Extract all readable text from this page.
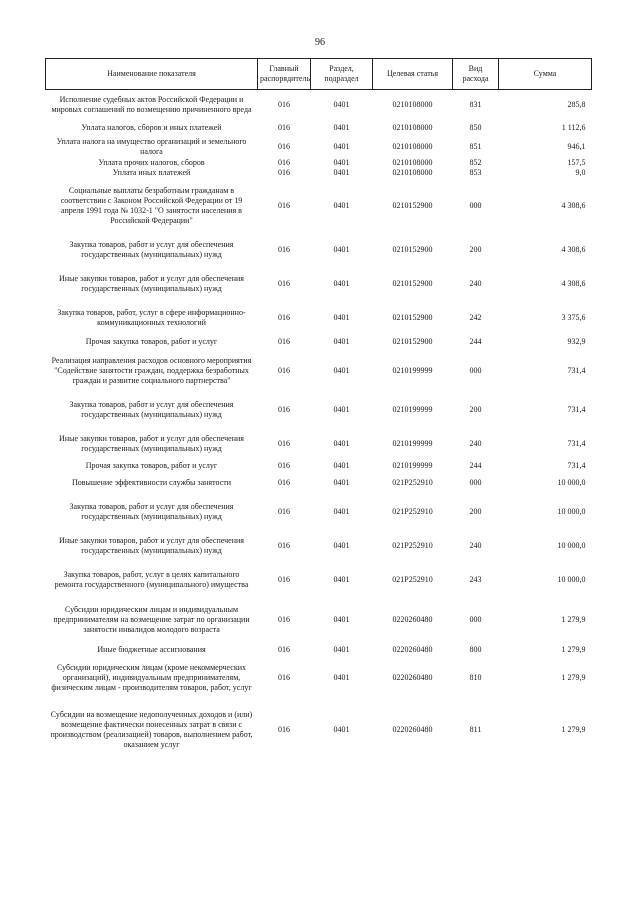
96
Наименование показателя	Главный распорядитель	Раздел, подраздел	Целевая статья	Вид расхода	Сумма
Исполнение судебных актов Российской Федерации и мировых соглашений по возмещению причиненного вреда	016	0401	0210108000	831	285,8
Уплата налогов, сборов и иных платежей	016	0401	0210108000	850	1 112,6
Уплата налога на имущество организаций и земельного налога	016	0401	0210108000	851	946,1
Уплата прочих налогов, сборов	016	0401	0210108000	852	157,5
Уплата иных платежей	016	0401	0210108000	853	9,0
Социальные выплаты безработным гражданам в соответствии с Законом Российской Федерации от 19 апреля 1991 года № 1032-1 "О занятости населения в Российской Федерации"	016	0401	0210152900	000	4 308,6
Закупка товаров, работ и услуг для обеспечения государственных (муниципальных) нужд	016	0401	0210152900	200	4 308,6
Иные закупки товаров, работ и услуг для обеспечения государственных (муниципальных) нужд	016	0401	0210152900	240	4 308,6
Закупка товаров, работ, услуг в сфере информационно-коммуникационных технологий	016	0401	0210152900	242	3 375,6
Прочая закупка товаров, работ и услуг	016	0401	0210152900	244	932,9
Реализация направления расходов основного мероприятия "Содействие занятости граждан, поддержка безработных граждан и развитие социального партнерства"	016	0401	0210199999	000	731,4
Закупка товаров, работ и услуг для обеспечения государственных (муниципальных) нужд	016	0401	0210199999	200	731,4
Иные закупки товаров, работ и услуг для обеспечения государственных (муниципальных) нужд	016	0401	0210199999	240	731,4
Прочая закупка товаров, работ и услуг	016	0401	0210199999	244	731,4
Повышение эффективности службы занятости	016	0401	021P252910	000	10 000,0
Закупка товаров, работ и услуг для обеспечения государственных (муниципальных) нужд	016	0401	021P252910	200	10 000,0
Иные закупки товаров, работ и услуг для обеспечения государственных (муниципальных) нужд	016	0401	021P252910	240	10 000,0
Закупка товаров, работ, услуг в целях капитального ремонта государственного (муниципального) имущества	016	0401	021P252910	243	10 000,0
Субсидии юридическим лицам и индивидуальным предпринимателям на возмещение затрат по организации занятости инвалидов молодого возраста	016	0401	0220260480	000	1 279,9
Иные бюджетные ассигнования	016	0401	0220260480	800	1 279,9
Субсидии юридическим лицам (кроме некоммерческих организаций), индивидуальным предпринимателям, физическим лицам - производителям товаров, работ, услуг	016	0401	0220260480	810	1 279,9
Субсидии на возмещение недополученных доходов и (или) возмещение фактически понесенных затрат в связи с производством (реализацией) товаров, выполнением работ, оказанием услуг	016	0401	0220260480	811	1 279,9
